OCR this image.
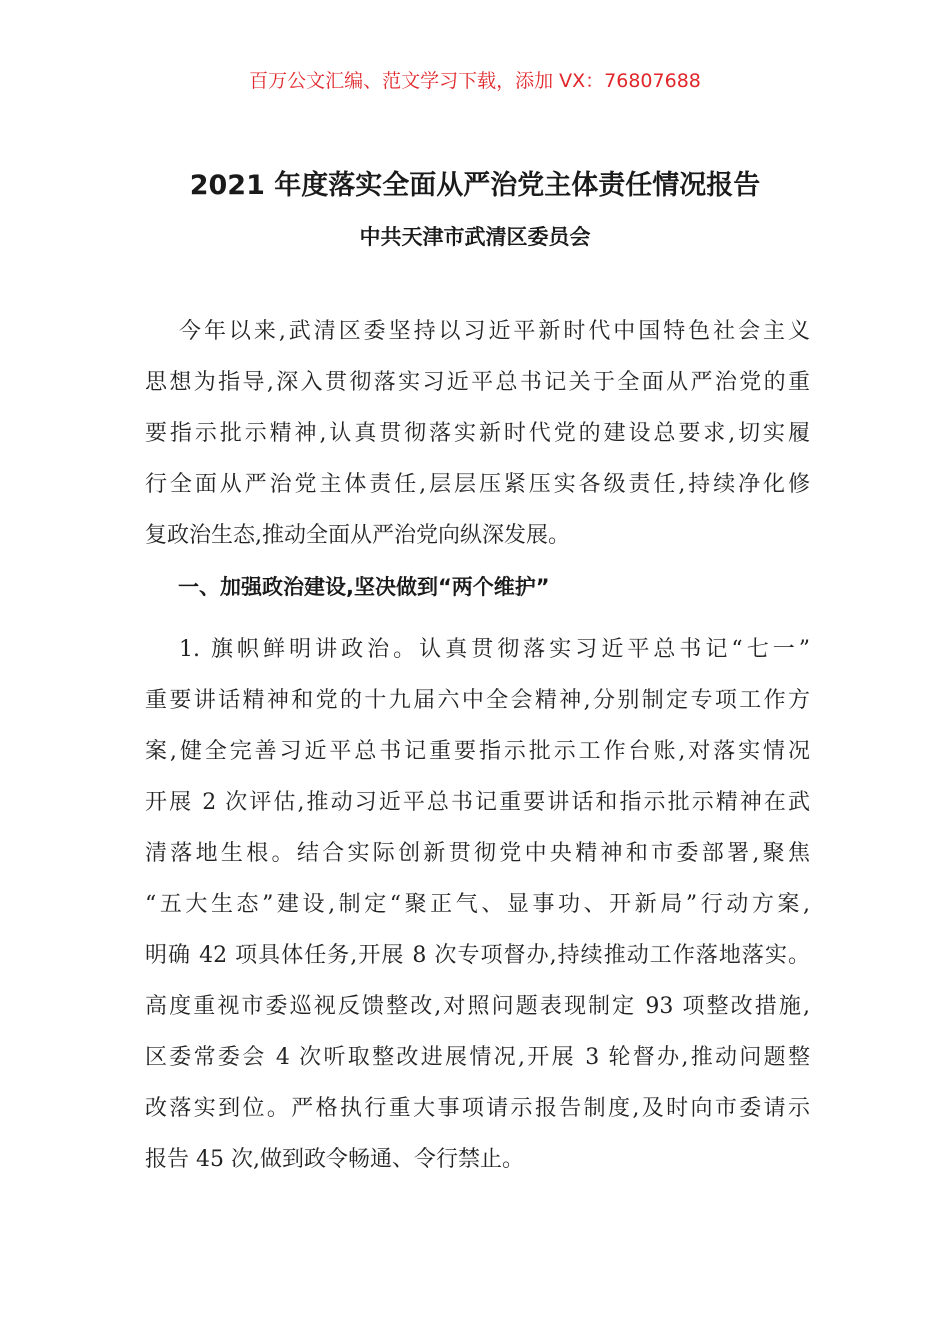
百万公文汇编、范文学习下载，添加 VX：76807688
2021 年度落实全面从严治党主体责任情况报告
中共天津市武清区委员会
今年以来,武清区委坚持以习近平新时代中国特色社会主义
思想为指导,深入贯彻落实习近平总书记关于全面从严治党的重
要指示批示精神,认真贯彻落实新时代党的建设总要求,切实履
行全面从严治党主体责任,层层压紧压实各级责任,持续净化修
复政治生态,推动全面从严治党向纵深发展。
一、加强政治建设,坚决做到“两个维护”
1. 旗帜鲜明讲政治。认真贯彻落实习近平总书记“七一”
重要讲话精神和党的十九届六中全会精神,分别制定专项工作方
案,健全完善习近平总书记重要指示批示工作台账,对落实情况
开展 2 次评估,推动习近平总书记重要讲话和指示批示精神在武
清落地生根。结合实际创新贯彻党中央精神和市委部署,聚焦
“五大生态”建设,制定“聚正气、显事功、开新局”行动方案,
明确 42 项具体任务,开展 8 次专项督办,持续推动工作落地落实。
高度重视市委巡视反馈整改,对照问题表现制定 93 项整改措施,
区委常委会 4 次听取整改进展情况,开展 3 轮督办,推动问题整
改落实到位。严格执行重大事项请示报告制度,及时向市委请示
报告 45 次,做到政令畅通、令行禁止。
